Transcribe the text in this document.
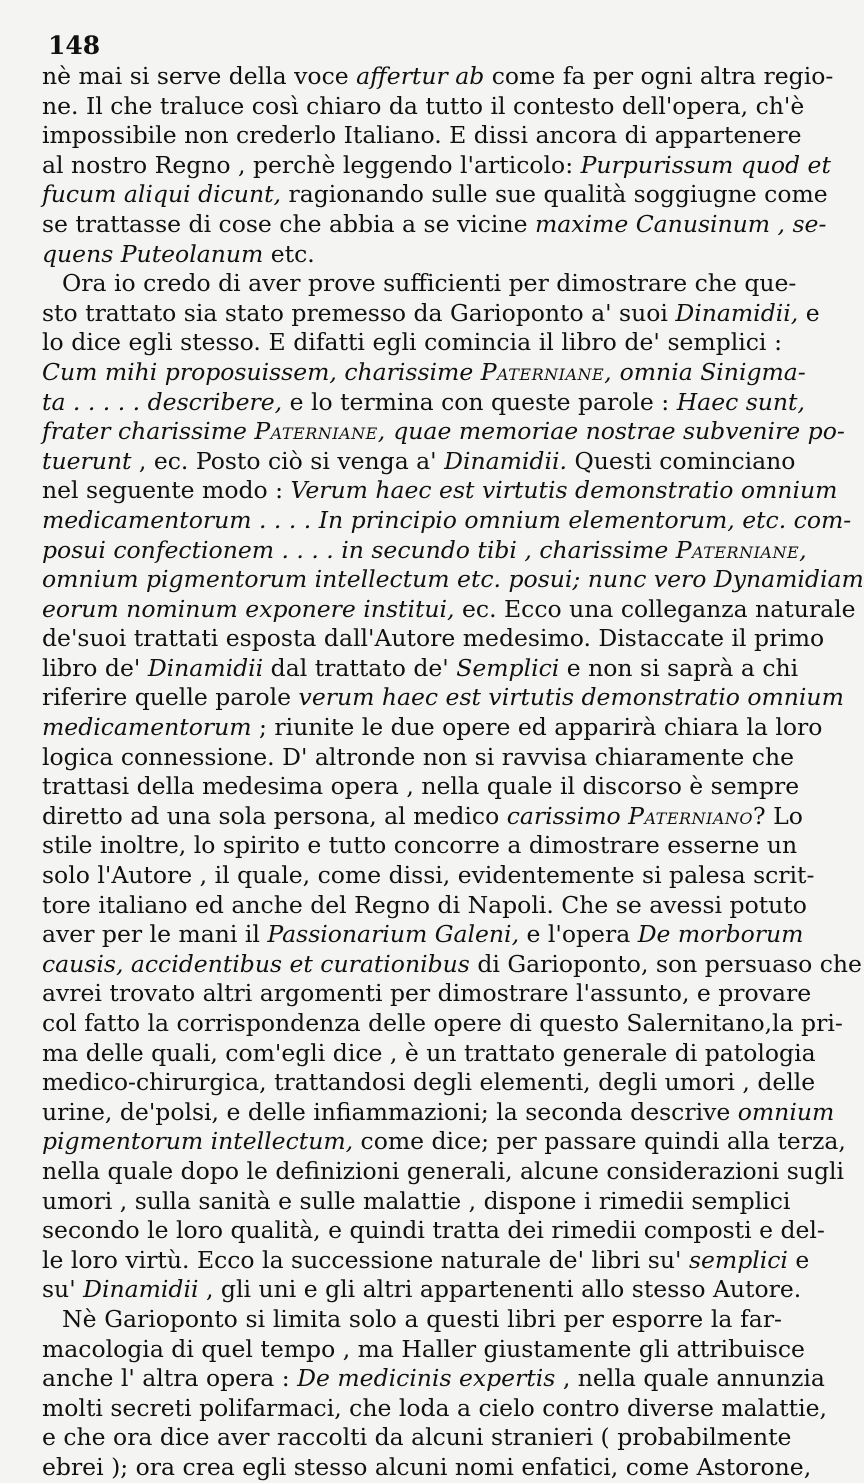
148
nè mai si serve della voce affertur ab come fa per ogni altra regio-
ne. Il che traluce così chiaro da tutto il contesto dell'opera, ch'è
impossibile non crederlo Italiano. E dissi ancora di appartenere
al nostro Regno , perchè leggendo l'articolo: Purpurissum quod et
fucum aliqui dicunt, ragionando sulle sue qualità soggiugne come
se trattasse di cose che abbia a se vicine maxime Canusinum , se-
quens Puteolanum etc.
Ora io credo di aver prove sufficienti per dimostrare che que-
sto trattato sia stato premesso da Garioponto a' suoi Dinamidii, e
lo dice egli stesso. E difatti egli comincia il libro de' semplici :
Cum mihi proposuissem, charissime Paterniane, omnia Sinigma-
ta . . . . . describere, e lo termina con queste parole : Haec sunt,
frater charissime Paterniane, quae memoriae nostrae subvenire po-
tuerunt , ec. Posto ciò si venga a' Dinamidii. Questi cominciano
nel seguente modo : Verum haec est virtutis demonstratio omnium
medicamentorum . . . . In principio omnium elementorum, etc. com-
posui confectionem . . . . in secundo tibi , charissime Paterniane,
omnium pigmentorum intellectum etc. posui; nunc vero Dynamidiam
eorum nominum exponere institui, ec. Ecco una colleganza naturale
de'suoi trattati esposta dall'Autore medesimo. Distaccate il primo
libro de' Dinamidii dal trattato de' Semplici e non si saprà a chi
riferire quelle parole verum haec est virtutis demonstratio omnium
medicamentorum ; riunite le due opere ed apparirà chiara la loro
logica connessione. D' altronde non si ravvisa chiaramente che
trattasi della medesima opera , nella quale il discorso è sempre
diretto ad una sola persona, al medico carissimo Paterniano? Lo
stile inoltre, lo spirito e tutto concorre a dimostrare esserne un
solo l'Autore , il quale, come dissi, evidentemente si palesa scrit-
tore italiano ed anche del Regno di Napoli. Che se avessi potuto
aver per le mani il Passionarium Galeni, e l'opera De morborum
causis, accidentibus et curationibus di Garioponto, son persuaso che
avrei trovato altri argomenti per dimostrare l'assunto, e provare
col fatto la corrispondenza delle opere di questo Salernitano,la pri-
ma delle quali, com'egli dice , è un trattato generale di patologia
medico-chirurgica, trattandosi degli elementi, degli umori , delle
urine, de'polsi, e delle infiammazioni; la seconda descrive omnium
pigmentorum intellectum, come dice; per passare quindi alla terza,
nella quale dopo le definizioni generali, alcune considerazioni sugli
umori , sulla sanità e sulle malattie , dispone i rimedii semplici
secondo le loro qualità, e quindi tratta dei rimedii composti e del-
le loro virtù. Ecco la successione naturale de' libri su' semplici e
su' Dinamidii , gli uni e gli altri appartenenti allo stesso Autore.
Nè Garioponto si limita solo a questi libri per esporre la far-
macologia di quel tempo , ma Haller giustamente gli attribuisce
anche l' altra opera : De medicinis expertis , nella quale annunzia
molti secreti polifarmaci, che loda a cielo contro diverse malattie,
e che ora dice aver raccolti da alcuni stranieri ( probabilmente
ebrei ); ora crea egli stesso alcuni nomi enfatici, come Astorone,
